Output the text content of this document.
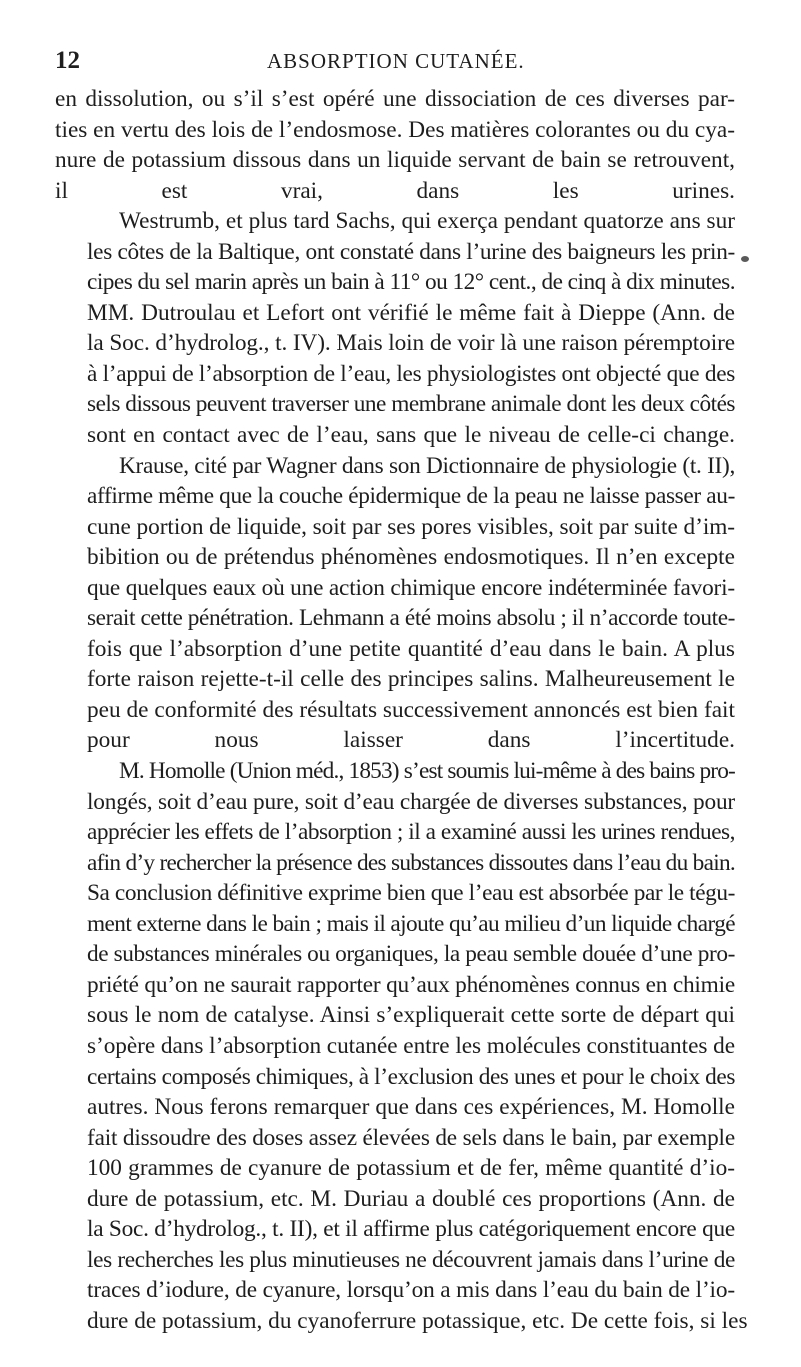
12	ABSORPTION CUTANÉE.
en dissolution, ou s’il s’est opéré une dissociation de ces diverses par-
ties en vertu des lois de l’endosmose. Des matières colorantes ou du cya-
nure de potassium dissous dans un liquide servant de bain se retrouvent,
il est vrai, dans les urines.
Westrumb, et plus tard Sachs, qui exerça pendant quatorze ans sur
les côtes de la Baltique, ont constaté dans l’urine des baigneurs les prin-
cipes du sel marin après un bain à 11° ou 12° cent., de cinq à dix minutes.
MM. Dutroulau et Lefort ont vérifié le même fait à Dieppe (Ann. de
la Soc. d’hydrolog., t. IV). Mais loin de voir là une raison péremptoire
à l’appui de l’absorption de l’eau, les physiologistes ont objecté que des
sels dissous peuvent traverser une membrane animale dont les deux côtés
sont en contact avec de l’eau, sans que le niveau de celle-ci change.
Krause, cité par Wagner dans son Dictionnaire de physiologie (t. II),
affirme même que la couche épidermique de la peau ne laisse passer au-
cune portion de liquide, soit par ses pores visibles, soit par suite d’im-
bibition ou de prétendus phénomènes endosmotiques. Il n’en excepte
que quelques eaux où une action chimique encore indéterminée favori-
serait cette pénétration. Lehmann a été moins absolu ; il n’accorde toute-
fois que l’absorption d’une petite quantité d’eau dans le bain. A plus
forte raison rejette-t-il celle des principes salins. Malheureusement le
peu de conformité des résultats successivement annoncés est bien fait
pour nous laisser dans l’incertitude.
M. Homolle (Union méd., 1853) s’est soumis lui-même à des bains pro-
longés, soit d’eau pure, soit d’eau chargée de diverses substances, pour
apprécier les effets de l’absorption ; il a examiné aussi les urines rendues,
afin d’y rechercher la présence des substances dissoutes dans l’eau du bain.
Sa conclusion définitive exprime bien que l’eau est absorbée par le tégu-
ment externe dans le bain ; mais il ajoute qu’au milieu d’un liquide chargé
de substances minérales ou organiques, la peau semble douée d’une pro-
priété qu’on ne saurait rapporter qu’aux phénomènes connus en chimie
sous le nom de catalyse. Ainsi s’expliquerait cette sorte de départ qui
s’opère dans l’absorption cutanée entre les molécules constituantes de
certains composés chimiques, à l’exclusion des unes et pour le choix des
autres. Nous ferons remarquer que dans ces expériences, M. Homolle
fait dissoudre des doses assez élevées de sels dans le bain, par exemple
100 grammes de cyanure de potassium et de fer, même quantité d’io-
dure de potassium, etc. M. Duriau a doublé ces proportions (Ann. de
la Soc. d’hydrolog., t. II), et il affirme plus catégoriquement encore que
les recherches les plus minutieuses ne découvrent jamais dans l’urine de
traces d’iodure, de cyanure, lorsqu’on a mis dans l’eau du bain de l’io-
dure de potassium, du cyanoferrure potassique, etc. De cette fois, si les
